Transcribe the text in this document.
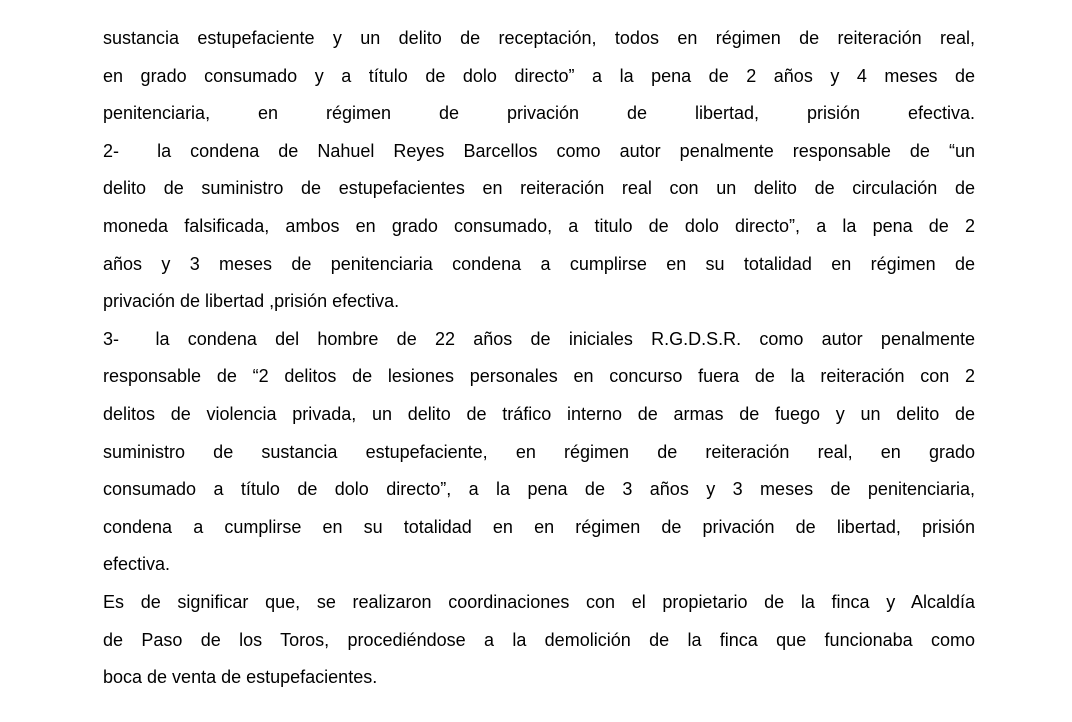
sustancia estupefaciente y un delito de receptación, todos en régimen de reiteración real,
en grado consumado y a título de dolo directo” a la pena de 2 años y 4 meses de
penitenciaria, en régimen de privación de libertad, prisión efectiva.
2-  la condena de Nahuel Reyes Barcellos como autor penalmente responsable de “un
delito de suministro de estupefacientes en reiteración real con un delito de circulación de
moneda falsificada, ambos en grado consumado, a titulo de dolo directo”, a la pena de 2
años y 3 meses de penitenciaria condena a cumplirse en su totalidad en régimen de
privación de libertad ,prisión efectiva.
3-  la condena del hombre de 22 años de iniciales R.G.D.S.R. como autor penalmente
responsable de “2 delitos de lesiones personales en concurso fuera de la reiteración con 2
delitos de violencia privada, un delito de tráfico interno de armas de fuego y un delito de
suministro de sustancia estupefaciente, en régimen de reiteración real, en grado
consumado a título de dolo directo”, a la pena de 3 años y 3 meses de penitenciaria,
condena a cumplirse en su totalidad en en régimen de privación de libertad, prisión
efectiva.
Es de significar que, se realizaron coordinaciones con el propietario de la finca y Alcaldía
de Paso de los Toros, procediéndose a la demolición de la finca que funcionaba como
boca de venta de estupefacientes.
